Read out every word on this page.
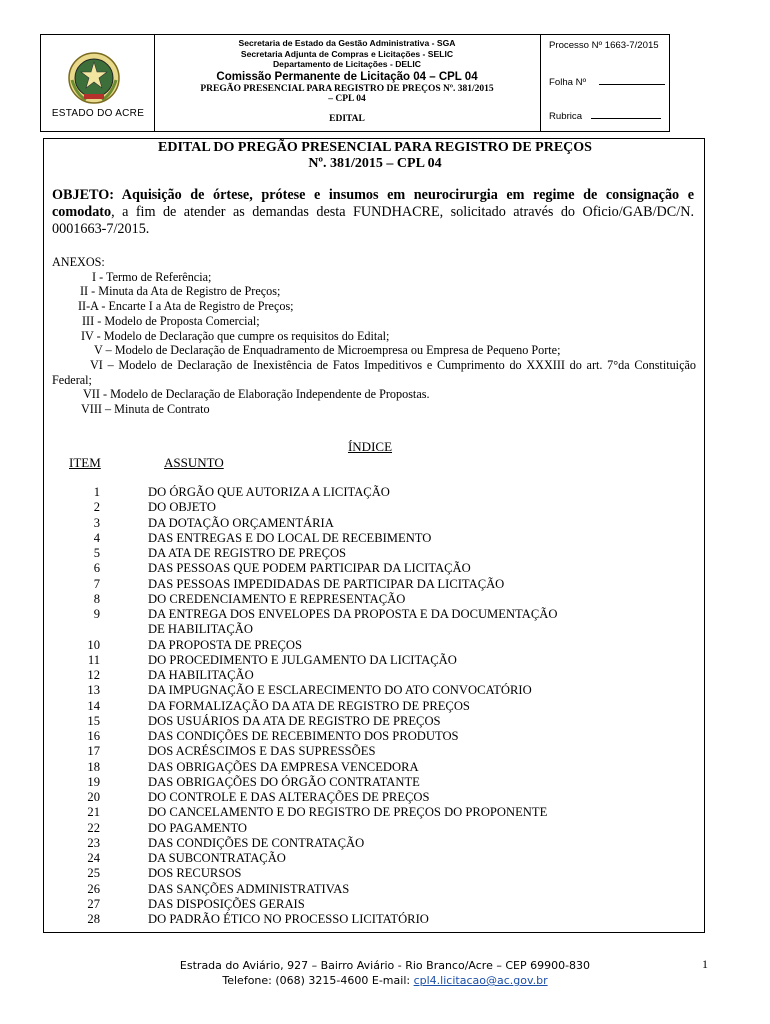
ESTADO DO ACRE
Secretaria de Estado da Gestão Administrativa - SGA
Secretaria Adjunta de Compras e Licitações - SELIC
Departamento de Licitações - DELIC
Comissão Permanente de Licitação 04 – CPL 04
PREGÃO PRESENCIAL PARA REGISTRO DE PREÇOS Nº. 381/2015
– CPL 04
EDITAL
Processo Nº 1663-7/2015
Folha Nº
Rubrica
EDITAL DO PREGÃO PRESENCIAL PARA REGISTRO DE PREÇOS
Nº. 381/2015 – CPL 04
OBJETO: Aquisição de órtese, prótese e insumos em neurocirurgia em regime de consignação e comodato, a fim de atender as demandas desta FUNDHACRE, solicitado através do Oficio/GAB/DC/N. 0001663-7/2015.
ANEXOS:
I - Termo de Referência;
II - Minuta da Ata de Registro de Preços;
II-A - Encarte I a Ata de Registro de Preços;
III - Modelo de Proposta Comercial;
IV - Modelo de Declaração que cumpre os requisitos do Edital;
V – Modelo de Declaração de Enquadramento de Microempresa ou Empresa de Pequeno Porte;
VI – Modelo de Declaração de Inexistência de Fatos Impeditivos e Cumprimento do XXXIII do art. 7°da Constituição Federal;
VII - Modelo de Declaração de Elaboração Independente de Propostas.
VIII – Minuta de Contrato
ÍNDICE
ITEM	ASSUNTO
1	DO ÓRGÃO QUE AUTORIZA A LICITAÇÃO
2	DO OBJETO
3	DA DOTAÇÃO ORÇAMENTÁRIA
4	DAS ENTREGAS E DO LOCAL DE RECEBIMENTO
5	DA ATA DE REGISTRO DE PREÇOS
6	DAS PESSOAS QUE PODEM PARTICIPAR DA LICITAÇÃO
7	DAS PESSOAS IMPEDIDADAS DE PARTICIPAR DA LICITAÇÃO
8	DO CREDENCIAMENTO E REPRESENTAÇÃO
9	DA ENTREGA DOS ENVELOPES DA PROPOSTA E DA DOCUMENTAÇÃO
DE HABILITAÇÃO
10	DA PROPOSTA DE PREÇOS
11	DO PROCEDIMENTO E JULGAMENTO DA LICITAÇÃO
12	DA HABILITAÇÃO
13	DA IMPUGNAÇÃO E ESCLARECIMENTO DO ATO CONVOCATÓRIO
14	DA FORMALIZAÇÃO DA ATA DE REGISTRO DE PREÇOS
15	DOS USUÁRIOS DA ATA DE REGISTRO DE PREÇOS
16	DAS CONDIÇÕES DE RECEBIMENTO DOS PRODUTOS
17	DOS ACRÉSCIMOS E DAS SUPRESSÕES
18	DAS OBRIGAÇÕES DA EMPRESA VENCEDORA
19	DAS OBRIGAÇÕES DO ÓRGÃO CONTRATANTE
20	DO CONTROLE E DAS ALTERAÇÕES DE PREÇOS
21	DO CANCELAMENTO E DO REGISTRO DE PREÇOS DO PROPONENTE
22	DO PAGAMENTO
23	DAS CONDIÇÕES DE CONTRATAÇÃO
24	DA SUBCONTRATAÇÃO
25	DOS RECURSOS
26	DAS SANÇÕES ADMINISTRATIVAS
27	DAS DISPOSIÇÕES GERAIS
28	DO PADRÃO ÉTICO NO PROCESSO LICITATÓRIO
Estrada do Aviário, 927 – Bairro Aviário - Rio Branco/Acre – CEP 69900-830
Telefone: (068) 3215-4600 E-mail: cpl4.licitacao@ac.gov.br
1
